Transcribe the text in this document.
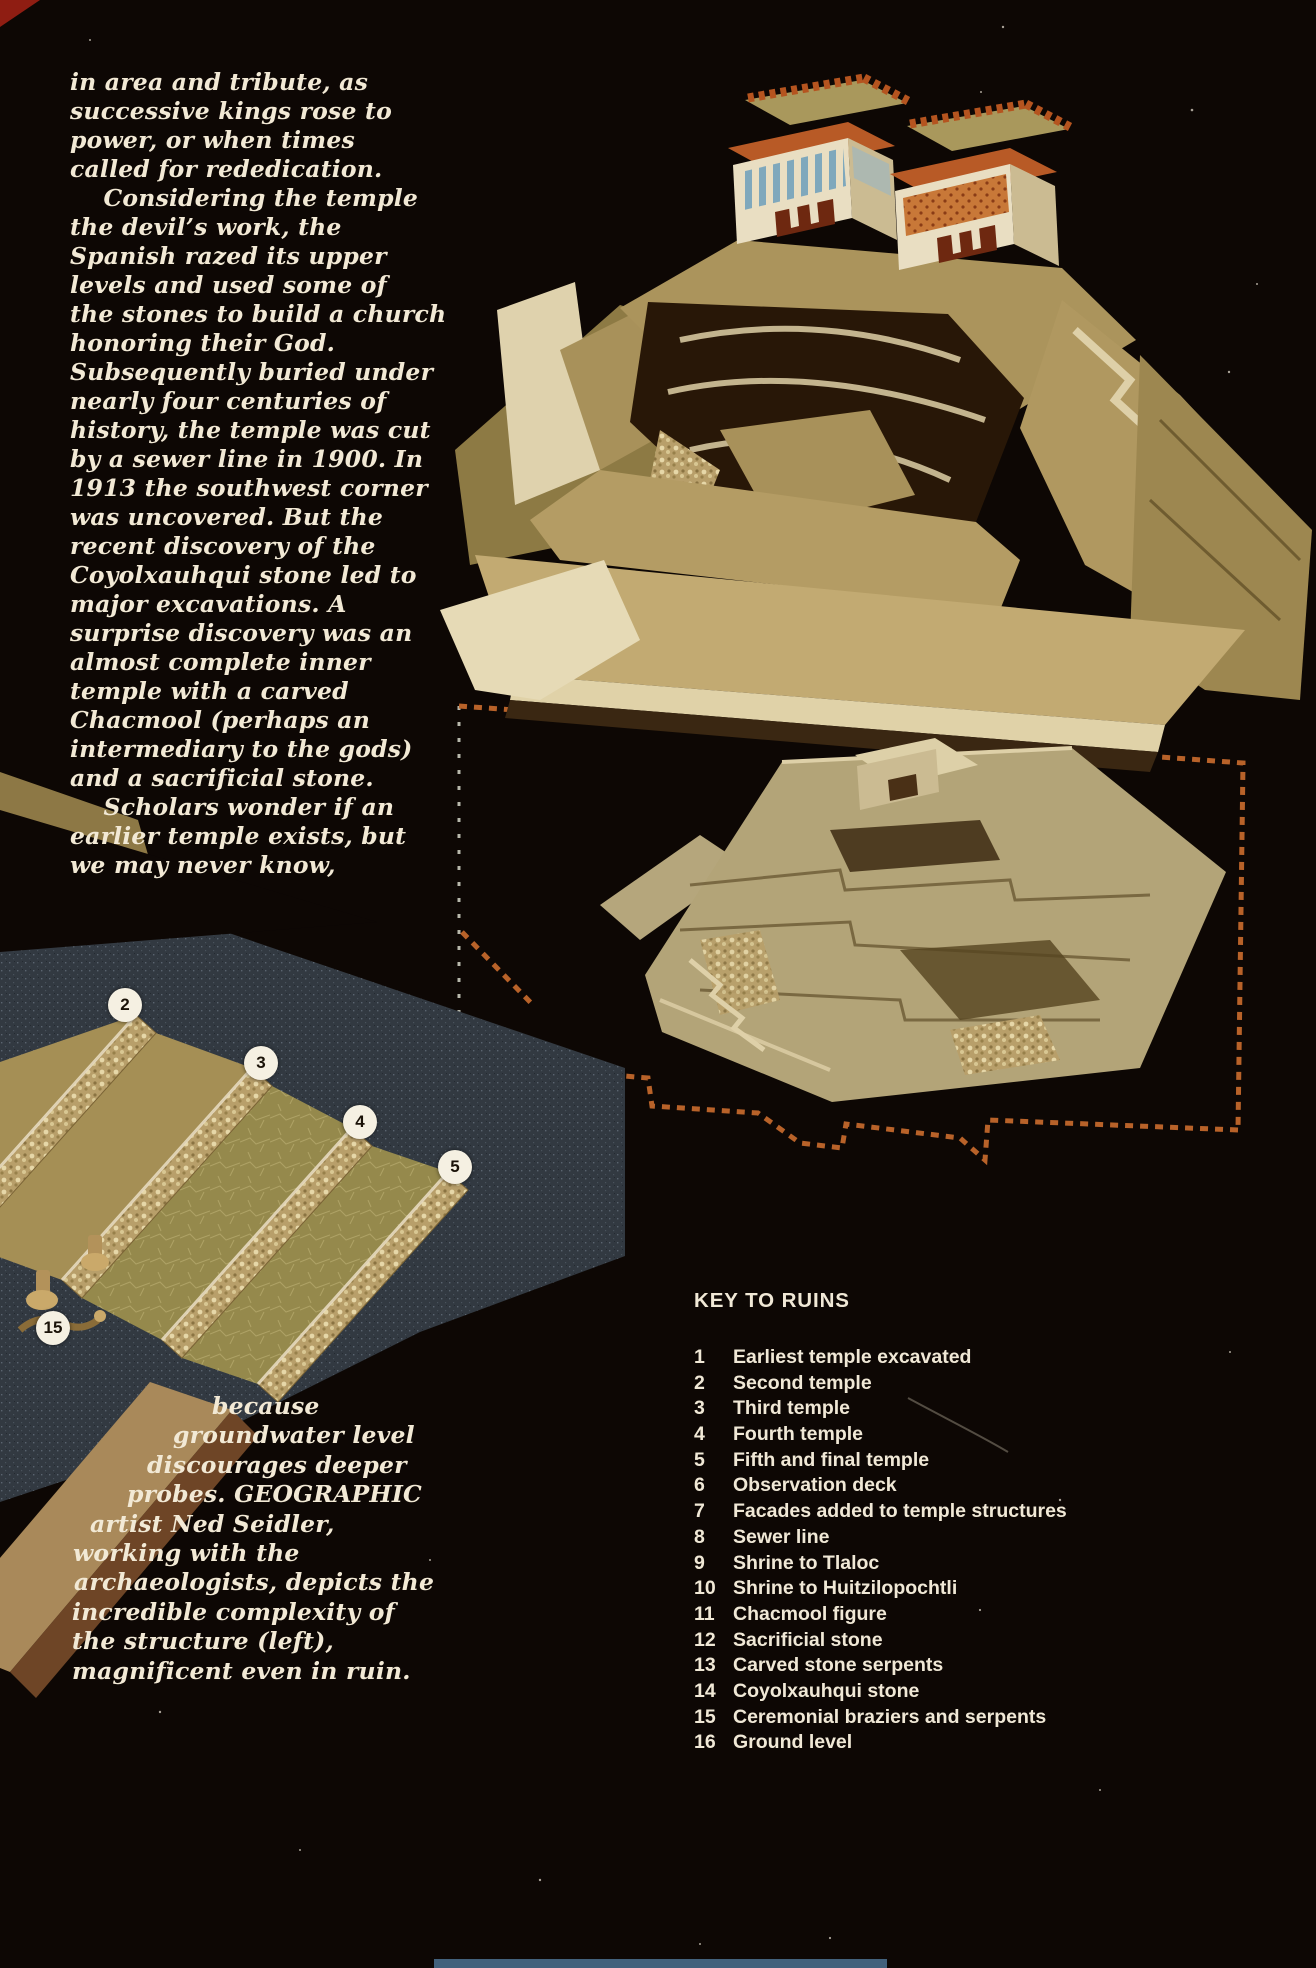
in area and tribute, as
successive kings rose to
power, or when times
called for rededication.
Considering the temple
the devil’s work, the
Spanish razed its upper
levels and used some of
the stones to build a church
honoring their God.
Subsequently buried under
nearly four centuries of
history, the temple was cut
by a sewer line in 1900. In
1913 the southwest corner
was uncovered. But the
recent discovery of the
Coyolxauhqui stone led to
major excavations. A
surprise discovery was an
almost complete inner
temple with a carved
Chacmool (perhaps an
intermediary to the gods)
and a sacrificial stone.
Scholars wonder if an
earlier temple exists, but
we may never know,
because
groundwater level
discourages deeper
probes. GEOGRAPHIC
artist Ned Seidler,
working with the
archaeologists, depicts the
incredible complexity of
the structure (left),
magnificent even in ruin.
KEY TO RUINS
1	Earliest temple excavated
2	Second temple
3	Third temple
4	Fourth temple
5	Fifth and final temple
6	Observation deck
7	Facades added to temple structures
8	Sewer line
9	Shrine to Tlaloc
10 Shrine to Huitzilopochtli
11 Chacmool figure
12 Sacrificial stone
13 Carved stone serpents
14 Coyolxauhqui stone
15 Ceremonial braziers and serpents
16 Ground level
2
3
4
5
15
